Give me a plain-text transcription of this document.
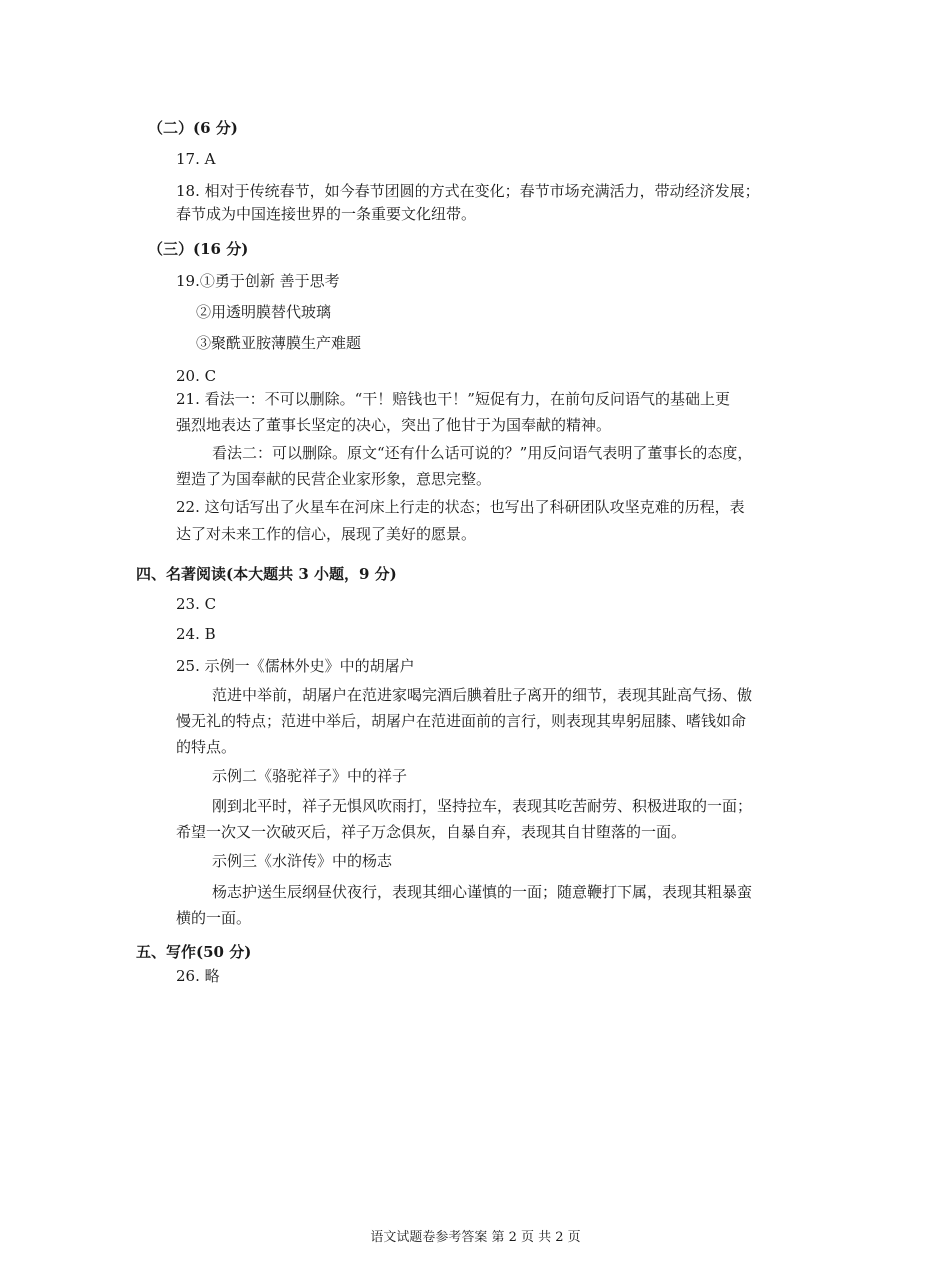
（二）(6 分)
17. A
18. 相对于传统春节，如今春节团圆的方式在变化；春节市场充满活力，带动经济发展；
春节成为中国连接世界的一条重要文化纽带。
（三）(16 分)
19.①勇于创新 善于思考
②用透明膜替代玻璃
③聚酰亚胺薄膜生产难题
20. C
21. 看法一：不可以删除。“干！赔钱也干！”短促有力，在前句反问语气的基础上更
强烈地表达了董事长坚定的决心，突出了他甘于为国奉献的精神。
看法二：可以删除。原文“还有什么话可说的？”用反问语气表明了董事长的态度，
塑造了为国奉献的民营企业家形象，意思完整。
22. 这句话写出了火星车在河床上行走的状态；也写出了科研团队攻坚克难的历程，表
达了对未来工作的信心，展现了美好的愿景。
四、名著阅读(本大题共 3 小题，9 分)
23. C
24. B
25. 示例一《儒林外史》中的胡屠户
范进中举前，胡屠户在范进家喝完酒后腆着肚子离开的细节，表现其趾高气扬、傲
慢无礼的特点；范进中举后，胡屠户在范进面前的言行，则表现其卑躬屈膝、嗜钱如命
的特点。
示例二《骆驼祥子》中的祥子
刚到北平时，祥子无惧风吹雨打，坚持拉车，表现其吃苦耐劳、积极进取的一面；
希望一次又一次破灭后，祥子万念俱灰，自暴自弃，表现其自甘堕落的一面。
示例三《水浒传》中的杨志
杨志护送生辰纲昼伏夜行，表现其细心谨慎的一面；随意鞭打下属，表现其粗暴蛮
横的一面。
五、写作(50 分)
26. 略
语文试题卷参考答案 第 2 页 共 2 页
